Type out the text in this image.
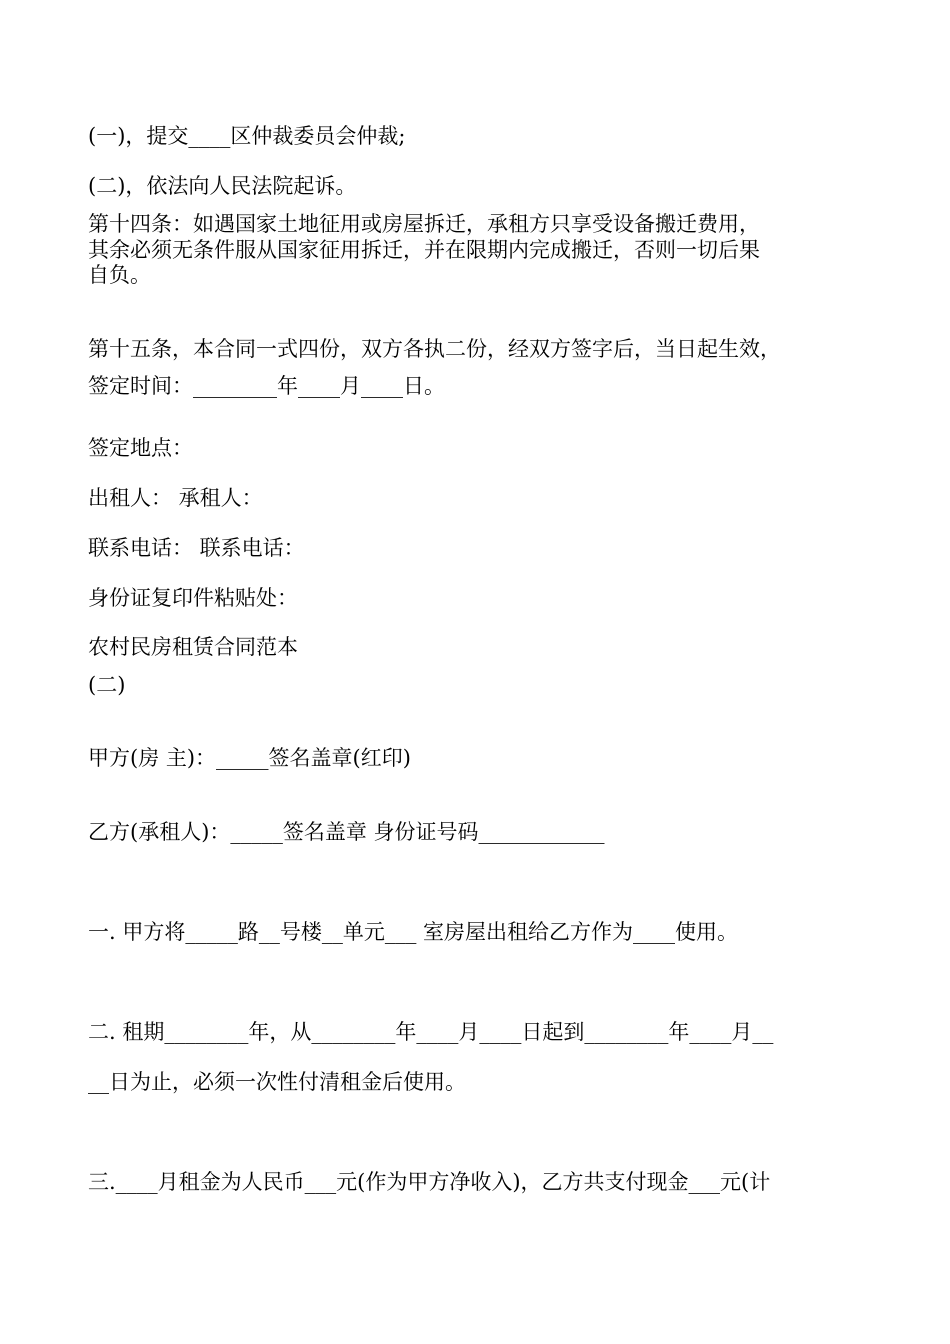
(一)，提交____区仲裁委员会仲裁;
(二)，依法向人民法院起诉。
第十四条：如遇国家土地征用或房屋拆迁，承租方只享受设备搬迁费用，
其余必须无条件服从国家征用拆迁，并在限期内完成搬迁，否则一切后果
自负。
第十五条，本合同一式四份，双方各执二份，经双方签字后，当日起生效，
签定时间：________年____月____日。
签定地点：
出租人： 承租人：
联系电话： 联系电话：
身份证复印件粘贴处：
农村民房租赁合同范本
(二)
甲方(房 主)：_____签名盖章(红印)
乙方(承租人)：_____签名盖章 身份证号码____________
一. 甲方将_____路__号楼__单元___ 室房屋出租给乙方作为____使用。
二. 租期________年，从________年____月____日起到________年____月__
__日为止，必须一次性付清租金后使用。
三.____月租金为人民币___元(作为甲方净收入)，乙方共支付现金___元(计
